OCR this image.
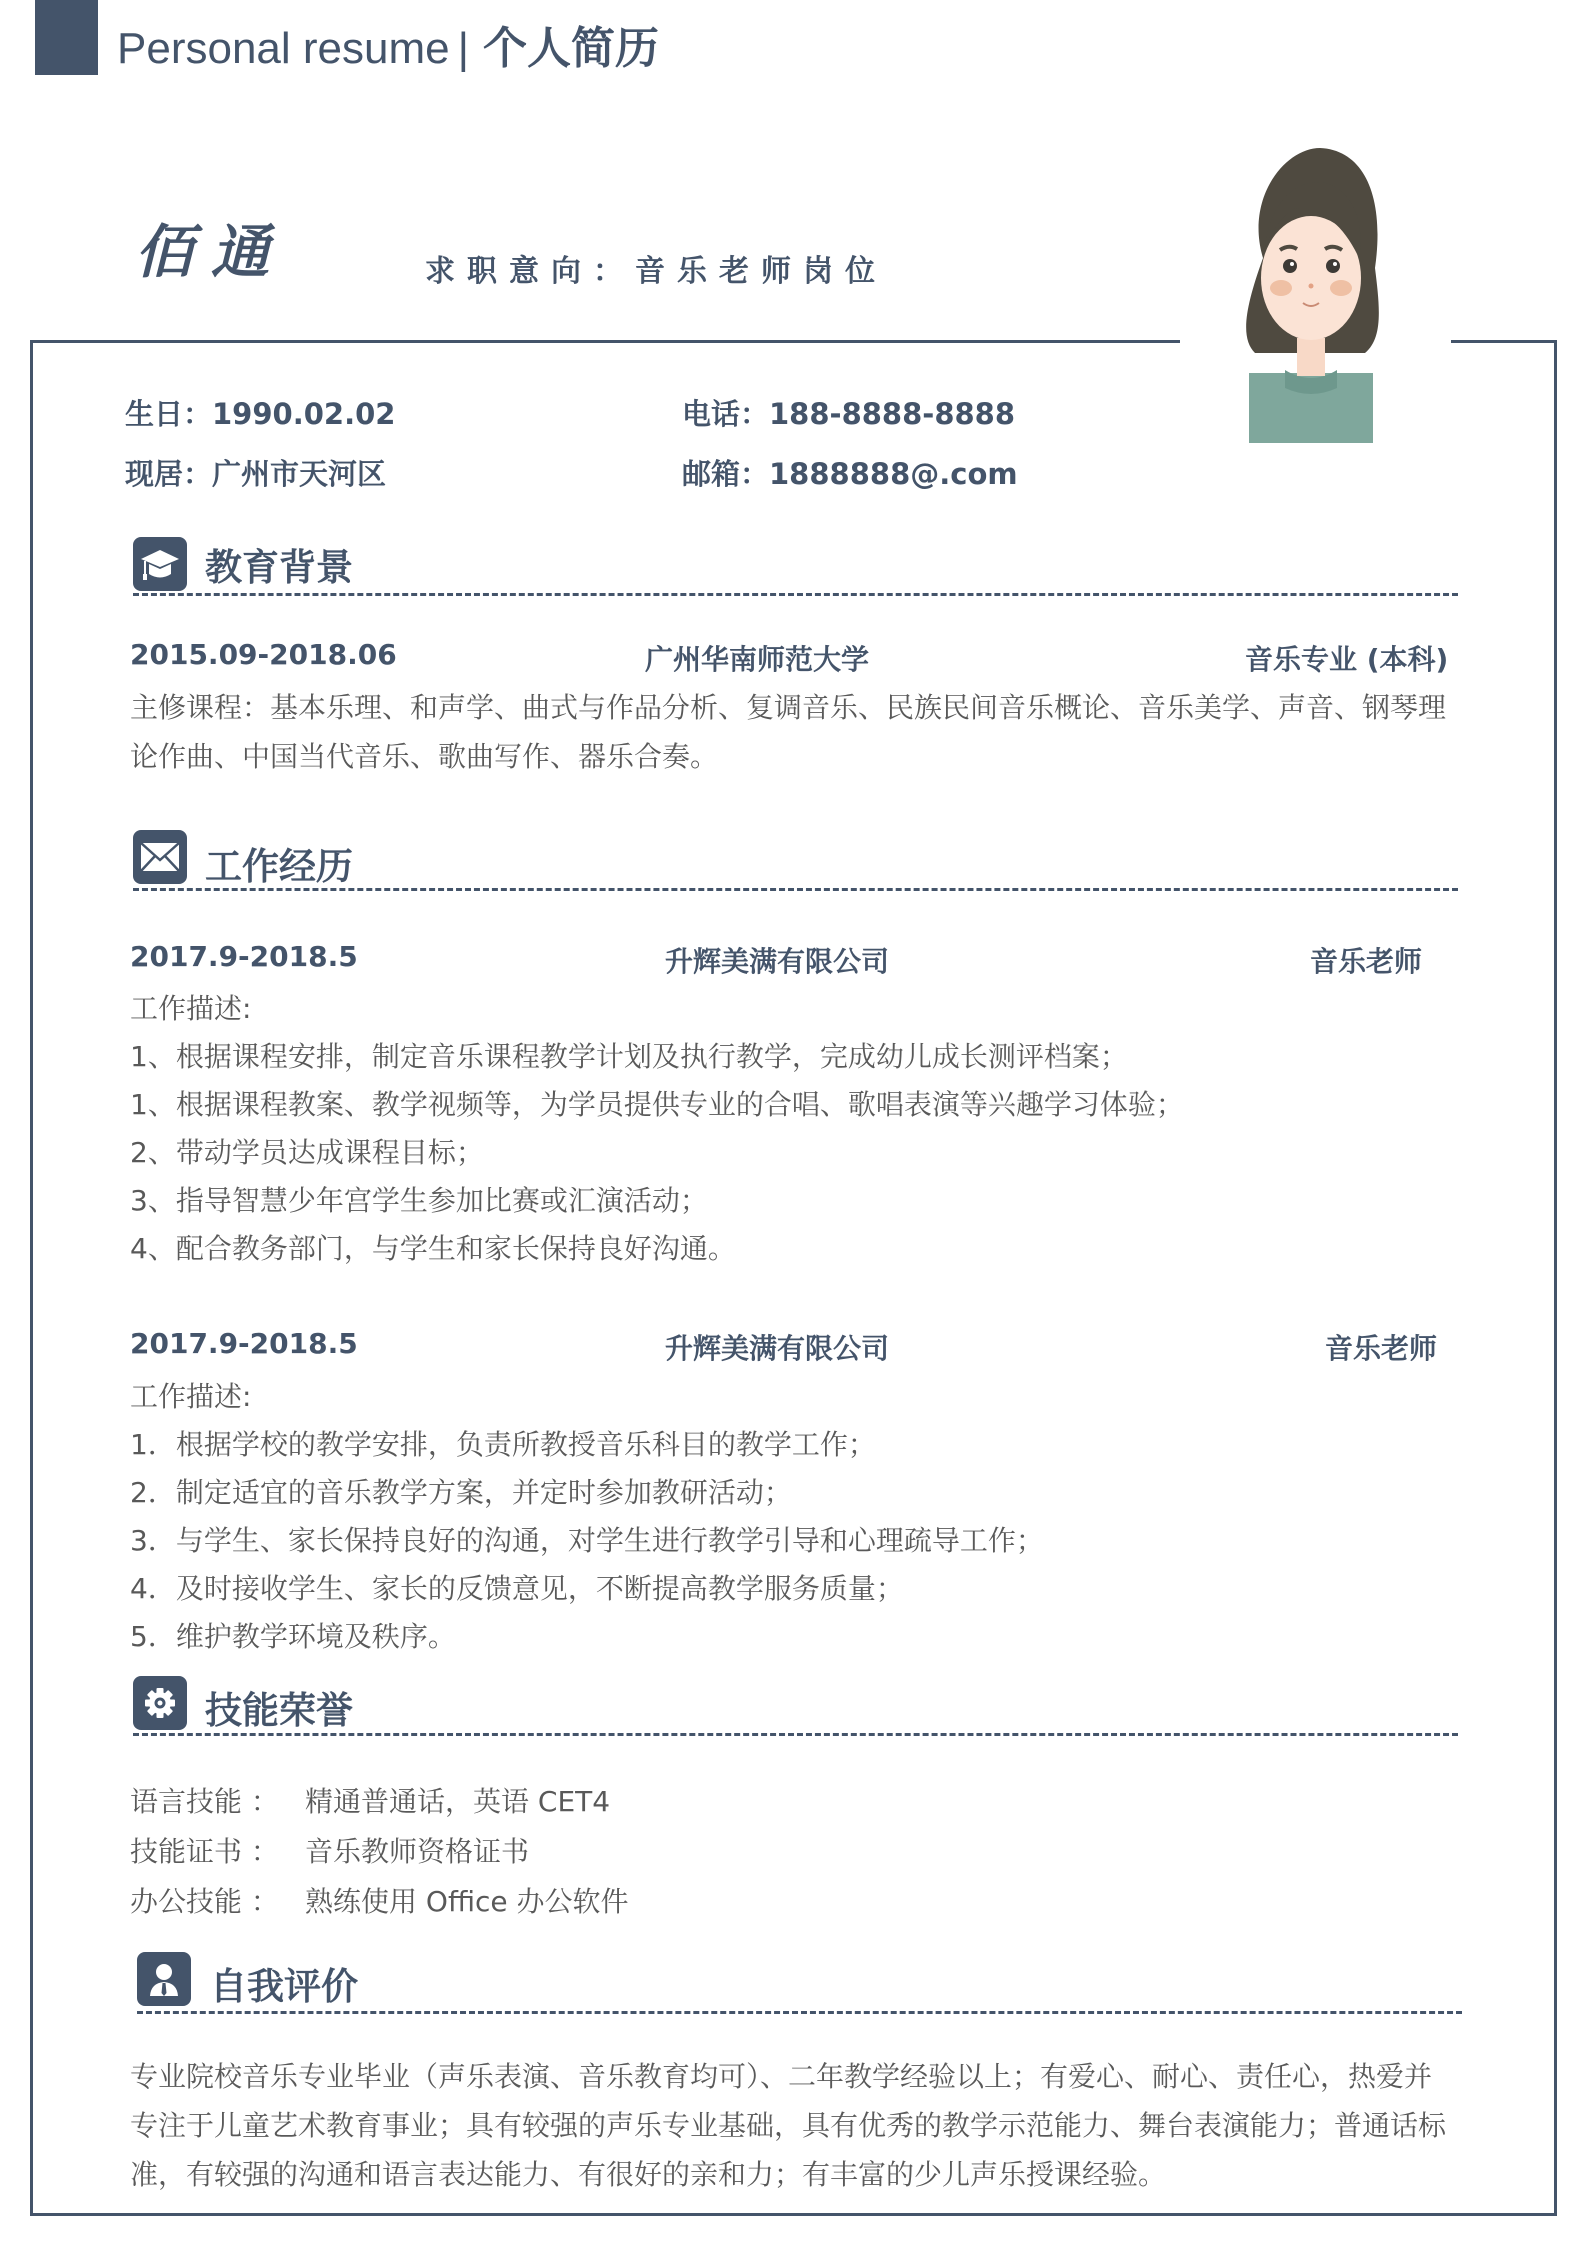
Personal resume | 个人简历
佰通	求职意向：音乐老师岗位
生日：1990.02.02	电话：188-8888-8888
现居：广州市天河区	邮箱：1888888@.com
教育背景
2015.09-2018.06	广州华南师范大学	音乐专业 (本科)
主修课程：基本乐理、和声学、曲式与作品分析、复调音乐、民族民间音乐概论、音乐美学、声音、钢琴理
论作曲、中国当代音乐、歌曲写作、器乐合奏。
工作经历
2017.9-2018.5	升辉美满有限公司	音乐老师
工作描述:
1、根据课程安排，制定音乐课程教学计划及执行教学，完成幼儿成长测评档案；
1、根据课程教案、教学视频等，为学员提供专业的合唱、歌唱表演等兴趣学习体验；
2、带动学员达成课程目标；
3、指导智慧少年宫学生参加比赛或汇演活动；
4、配合教务部门，与学生和家长保持良好沟通。
2017.9-2018.5	升辉美满有限公司	音乐老师
工作描述:
1．根据学校的教学安排，负责所教授音乐科目的教学工作；
2．制定适宜的音乐教学方案，并定时参加教研活动；
3．与学生、家长保持良好的沟通，对学生进行教学引导和心理疏导工作；
4．及时接收学生、家长的反馈意见，不断提高教学服务质量；
5．维护教学环境及秩序。
技能荣誉
语言技能 ： 精通普通话，英语 CET4
技能证书 ： 音乐教师资格证书
办公技能 ： 熟练使用 Office 办公软件
自我评价
专业院校音乐专业毕业（声乐表演、音乐教育均可）、二年教学经验以上；有爱心、耐心、责任心，热爱并
专注于儿童艺术教育事业；具有较强的声乐专业基础，具有优秀的教学示范能力、舞台表演能力；普通话标
准，有较强的沟通和语言表达能力、有很好的亲和力；有丰富的少儿声乐授课经验。
